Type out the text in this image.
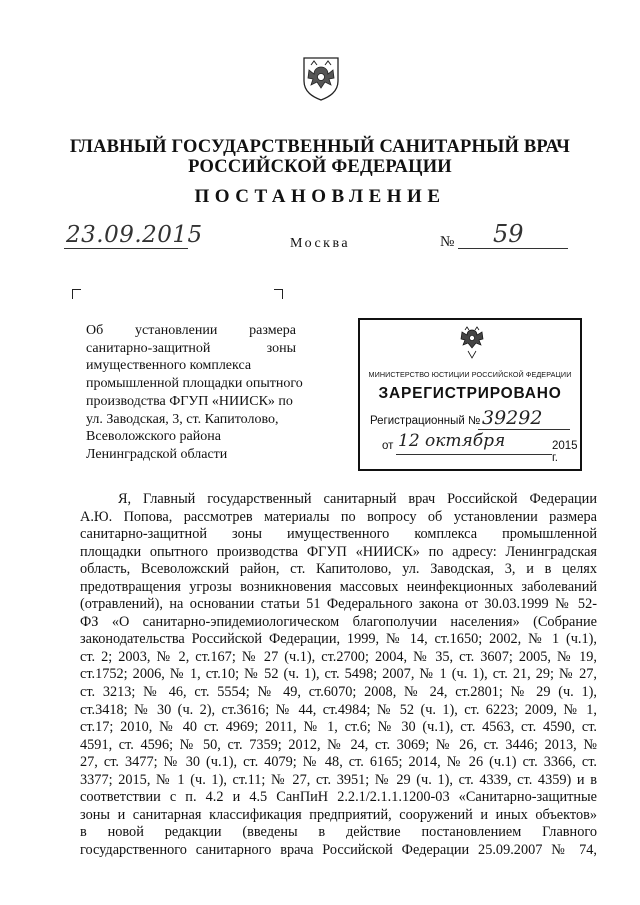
ГЛАВНЫЙ ГОСУДАРСТВЕННЫЙ САНИТАРНЫЙ ВРАЧ
РОССИЙСКОЙ ФЕДЕРАЦИИ
ПОСТАНОВЛЕНИЕ
23.09.2015	Москва	№ 59
Об установлении размера
санитарно-защитной зоны
имущественного комплекса
промышленной площадки опытного
производства ФГУП «НИИСК» по
ул. Заводская, 3, ст. Капитолово,
Всеволожского района
Ленинградской области
МИНИСТЕРСТВО ЮСТИЦИИ РОССИЙСКОЙ ФЕДЕРАЦИИ
ЗАРЕГИСТРИРОВАНО
Регистрационный № 39292
от 12 октября	2015 г.
Я, Главный государственный санитарный врач Российской Федерации
А.Ю. Попова, рассмотрев материалы по вопросу об установлении размера
санитарно-защитной зоны имущественного комплекса промышленной
площадки опытного производства ФГУП «НИИСК» по адресу: Ленинградская
область, Всеволожский район, ст. Капитолово, ул. Заводская, 3, и в целях
предотвращения угрозы возникновения массовых неинфекционных заболеваний
(отравлений), на основании статьи 51 Федерального закона от 30.03.1999 № 52-
ФЗ «О санитарно-эпидемиологическом благополучии населения» (Собрание
законодательства Российской Федерации, 1999, № 14, ст.1650; 2002, № 1 (ч.1),
ст. 2; 2003, № 2, ст.167; № 27 (ч.1), ст.2700; 2004, № 35, ст. 3607; 2005, № 19,
ст.1752; 2006, № 1, ст.10; № 52 (ч. 1), ст. 5498; 2007, № 1 (ч. 1), ст. 21, 29; № 27,
ст. 3213; № 46, ст. 5554; № 49, ст.6070; 2008, № 24, ст.2801; № 29 (ч. 1),
ст.3418; № 30 (ч. 2), ст.3616; № 44, ст.4984; № 52 (ч. 1), ст. 6223; 2009, № 1,
ст.17; 2010, № 40 ст. 4969; 2011, № 1, ст.6; № 30 (ч.1), ст. 4563, ст. 4590, ст.
4591, ст. 4596; № 50, ст. 7359; 2012, № 24, ст. 3069; № 26, ст. 3446; 2013, №
27, ст. 3477; № 30 (ч.1), ст. 4079; № 48, ст. 6165; 2014, № 26 (ч.1) ст. 3366, ст.
3377; 2015, № 1 (ч. 1), ст.11; № 27, ст. 3951; № 29 (ч. 1), ст. 4339, ст. 4359) и в
соответствии с п. 4.2 и 4.5 СанПиН 2.2.1/2.1.1.1200-03 «Санитарно-защитные
зоны и санитарная классификация предприятий, сооружений и иных объектов»
в новой редакции (введены в действие постановлением Главного
государственного санитарного врача Российской Федерации 25.09.2007 № 74,
